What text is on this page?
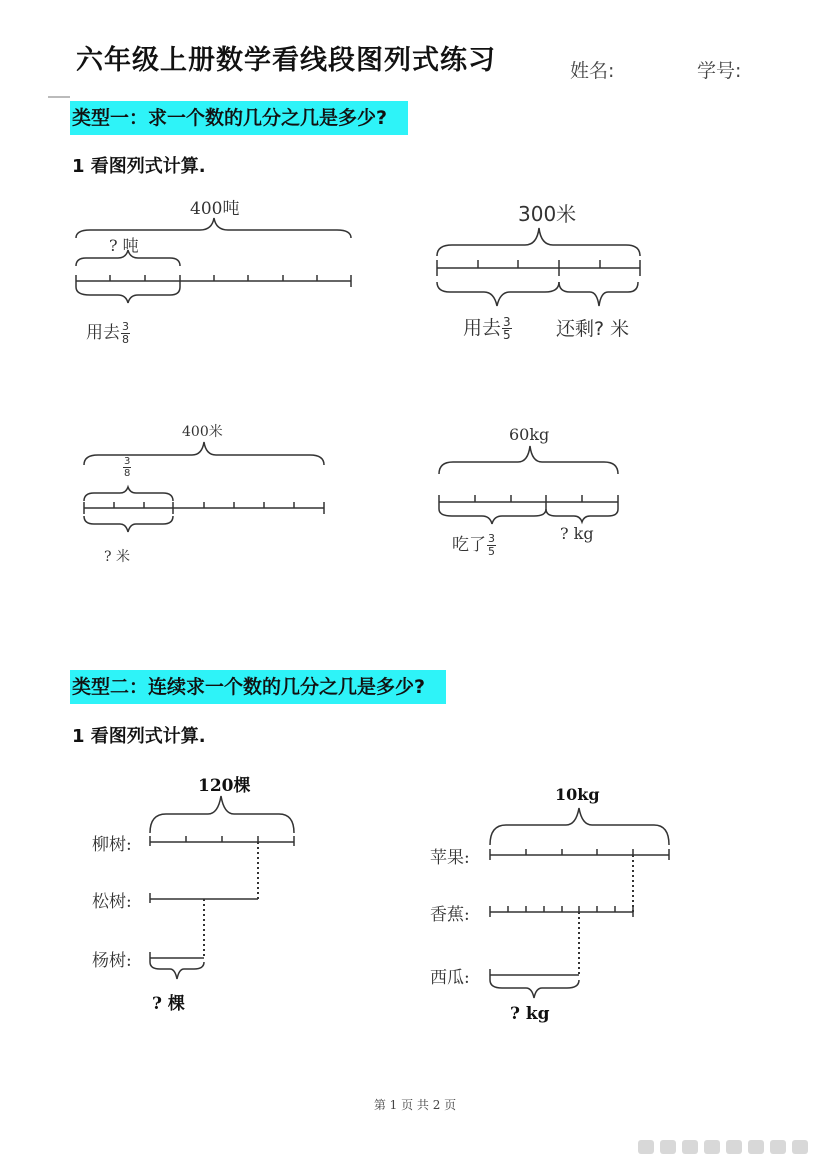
六年级上册数学看线段图列式练习	姓名:	学号:
类型一：求一个数的几分之几是多少?
1 看图列式计算.
类型二：连续求一个数的几分之几是多少?
1 看图列式计算.
400吨
? 吨
用去 $\frac{3}{8}$
300米
用去 $\frac{3}{5}$ 还剩? 米
400米
$\frac{3}{8}$
? 米
60kg
吃了 $\frac{3}{5}$	? kg
120棵
柳树:
松树:
杨树:
? 棵
10kg
苹果:
香蕉:
西瓜:
? kg
第 1 页 共 2 页
